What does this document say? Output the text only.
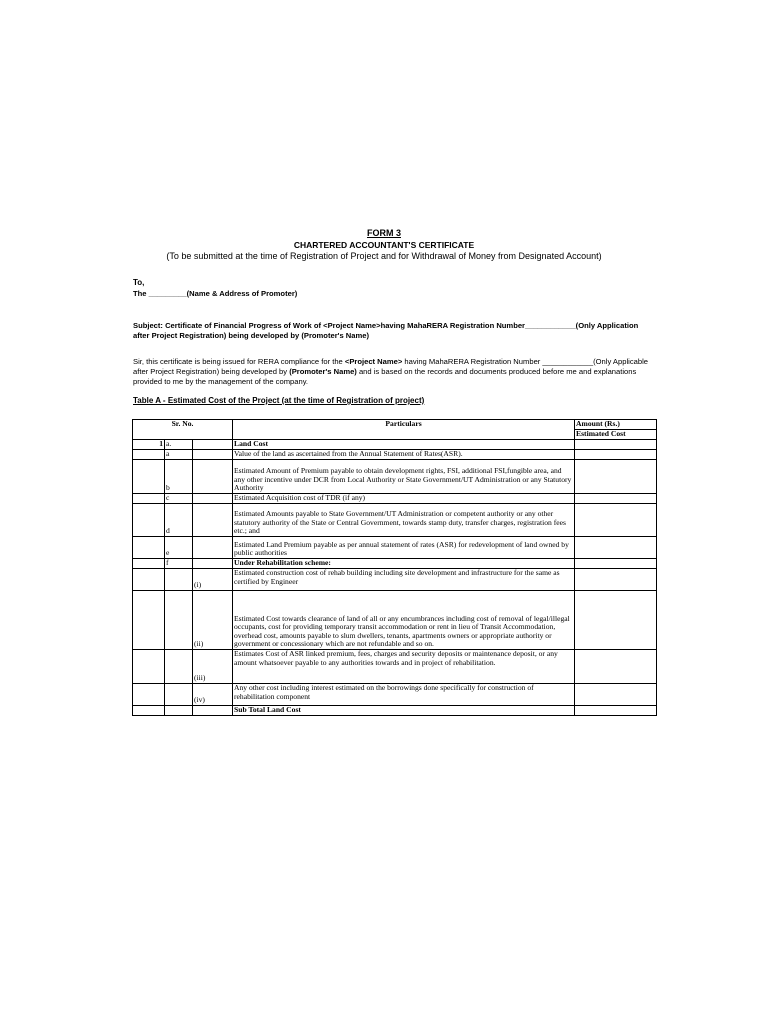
FORM 3
CHARTERED ACCOUNTANT'S CERTIFICATE
(To be submitted at the time of Registration of Project and for Withdrawal of Money from Designated Account)
To,
The _________(Name & Address of Promoter)
Subject: Certificate of Financial Progress of Work of <Project Name>having MahaRERA Registration Number____________(Only Application after Project Registration) being developed by (Promoter's Name)
Sir, this certificate is being issued for RERA compliance for the <Project Name> having MahaRERA Registration Number ____________(Only Applicable after Project Registration) being developed by (Promoter's Name) and is based on the records and documents produced before me and explanations provided to me by the management of the company.
Table A - Estimated Cost of the Project (at the time of Registration of project)
Sr. No.			Particulars	Amount (Rs.)
				Estimated Cost
1	a.		Land Cost	
	a		Value of the land as ascertained from the Annual Statement of Rates(ASR).	
	b		Estimated Amount of Premium payable to obtain development rights, FSI, additional FSI,fungible area, and any other incentive under DCR from Local Authority or State Government/UT Administration or any Statutory Authority	
	c		Estimated Acquisition cost of TDR (if any)	
	d		Estimated Amounts payable to State Government/UT Administration or competent authority or any other statutory authority of the State or Central Government, towards stamp duty, transfer charges, registration fees etc.; and	
	e		Estimated Land Premium payable as per annual statement of rates (ASR) for redevelopment of land owned by public authorities	
	f		Under Rehabilitation scheme:	
		(i)	Estimated construction cost of rehab building including site development and infrastructure for the same as certified by Engineer	
		(ii)	Estimated Cost towards clearance of land of all or any encumbrances including cost of removal of legal/illegal occupants, cost for providing temporary transit accommodation or rent in lieu of Transit Accommodation, overhead cost, amounts payable to slum dwellers, tenants, apartments owners or appropriate authority or government or concessionary which are not refundable and so on.	
		(iii)	Estimates Cost of ASR linked premium, fees, charges and security deposits or maintenance deposit, or any amount whatsoever payable to any authorities towards and in project of rehabilitation.	
		(iv)	Any other cost including interest estimated on the borrowings done specifically for construction of rehabilitation component	
			Sub Total Land Cost	
